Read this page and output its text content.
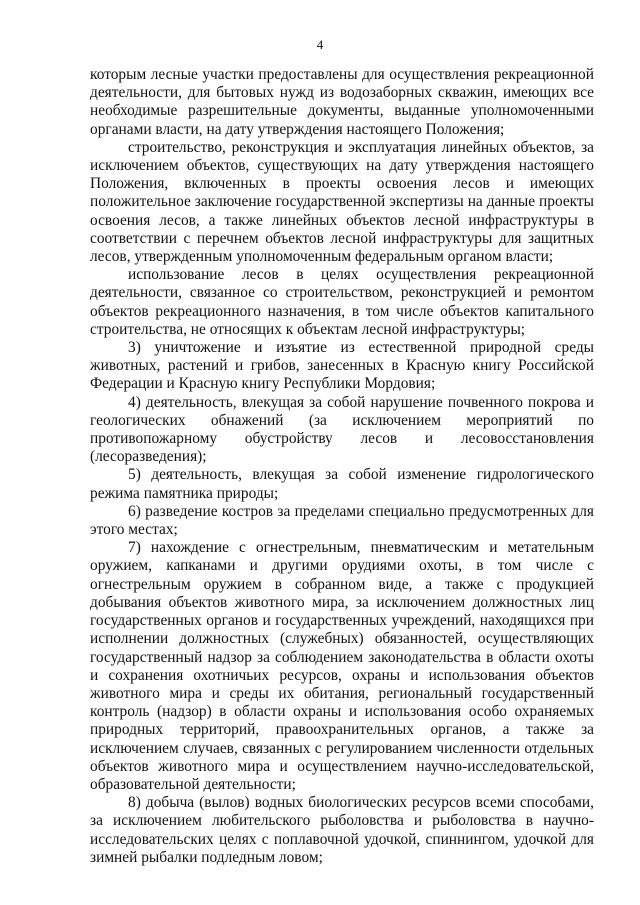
4

которым лесные участки предоставлены для осуществления рекреационной деятельности, для бытовых нужд из водозаборных скважин, имеющих все необходимые разрешительные документы, выданные уполномоченными органами власти, на дату утверждения настоящего Положения;

строительство, реконструкция и эксплуатация линейных объектов, за исключением объектов, существующих на дату утверждения настоящего Положения, включенных в проекты освоения лесов и имеющих положительное заключение государственной экспертизы на данные проекты освоения лесов, а также линейных объектов лесной инфраструктуры в соответствии с перечнем объектов лесной инфраструктуры для защитных лесов, утвержденным уполномоченным федеральным органом власти;

использование лесов в целях осуществления рекреационной деятельности, связанное со строительством, реконструкцией и ремонтом объектов рекреационного назначения, в том числе объектов капитального строительства, не относящих к объектам лесной инфраструктуры;

3) уничтожение и изъятие из естественной природной среды животных, растений и грибов, занесенных в Красную книгу Российской Федерации и Красную книгу Республики Мордовия;

4) деятельность, влекущая за собой нарушение почвенного покрова и геологических обнажений (за исключением мероприятий по противопожарному обустройству лесов и лесовосстановления (лесоразведения);

5) деятельность, влекущая за собой изменение гидрологического режима памятника природы;

6) разведение костров за пределами специально предусмотренных для этого местах;

7) нахождение с огнестрельным, пневматическим и метательным оружием, капканами и другими орудиями охоты, в том числе с огнестрельным оружием в собранном виде, а также с продукцией добывания объектов животного мира, за исключением должностных лиц государственных органов и государственных учреждений, находящихся при исполнении должностных (служебных) обязанностей, осуществляющих государственный надзор за соблюдением законодательства в области охоты и сохранения охотничьих ресурсов, охраны и использования объектов животного мира и среды их обитания, региональный государственный контроль (надзор) в области охраны и использования особо охраняемых природных территорий, правоохранительных органов, а также за исключением случаев, связанных с регулированием численности отдельных объектов животного мира и осуществлением научно-исследовательской, образовательной деятельности;

8) добыча (вылов) водных биологических ресурсов всеми способами, за исключением любительского рыболовства и рыболовства в научно-исследовательских целях с поплавочной удочкой, спиннингом, удочкой для зимней рыбалки подледным ловом;
